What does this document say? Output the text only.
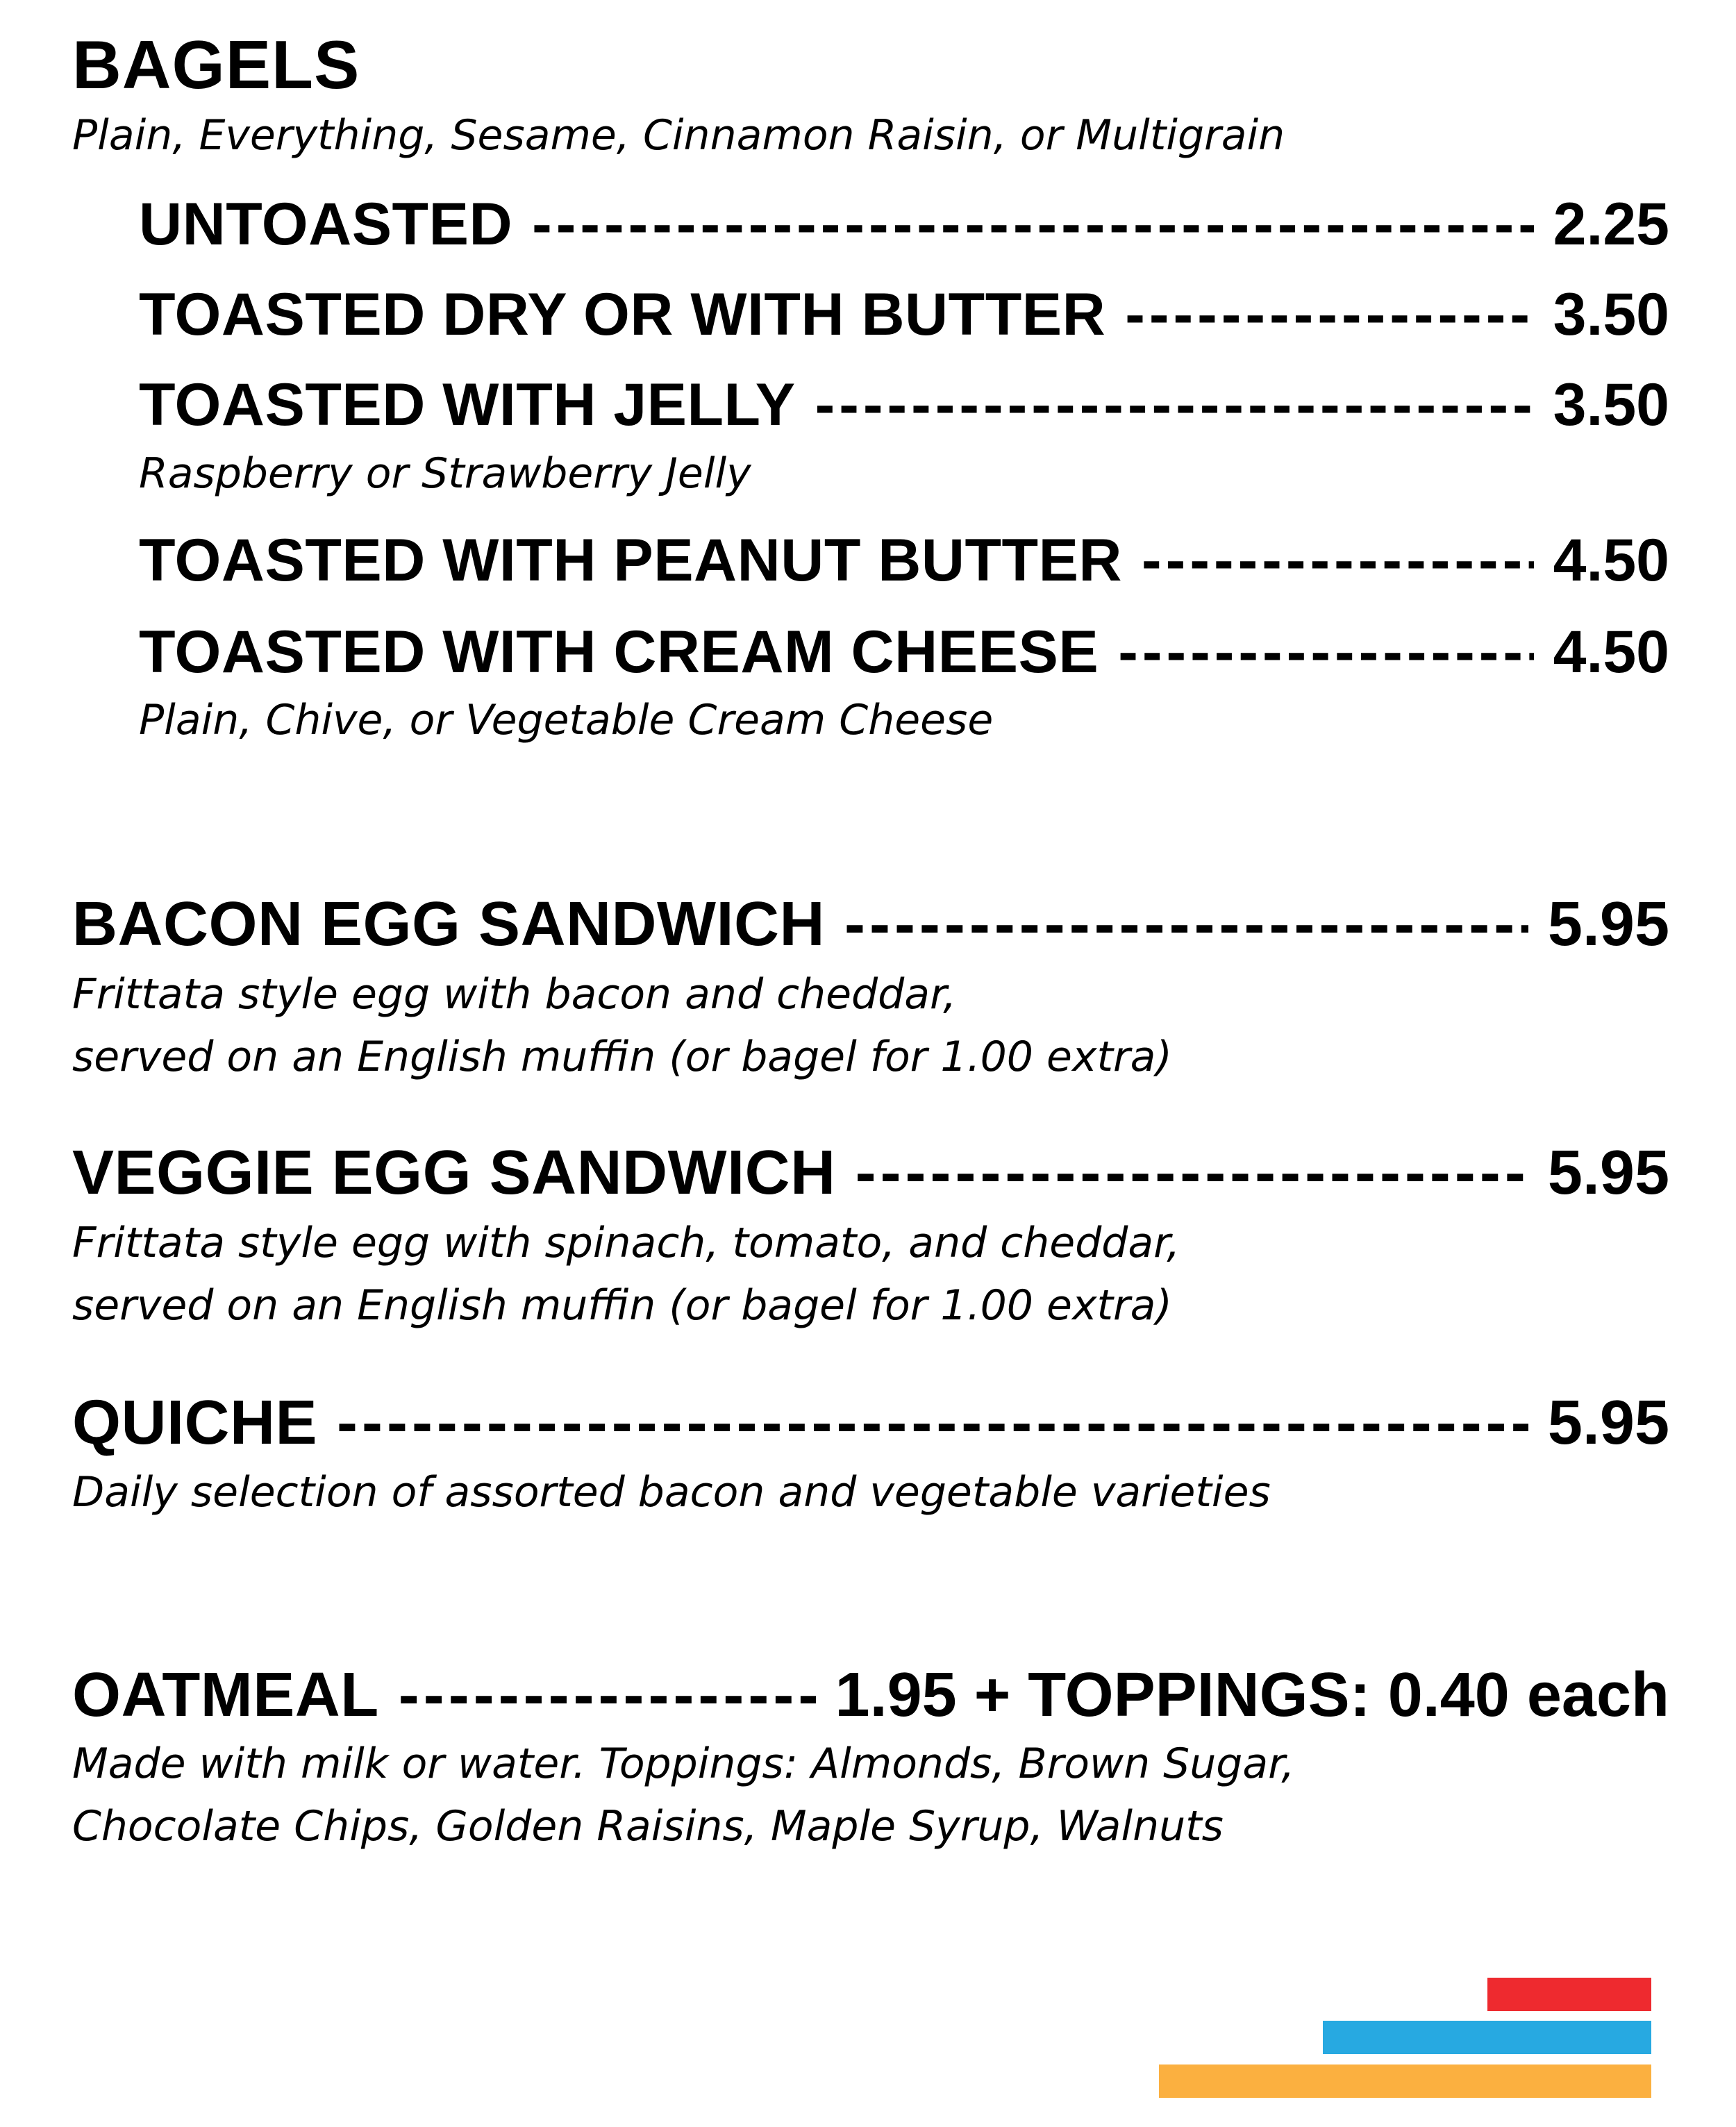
BAGELS

Plain, Everything, Sesame, Cinnamon Raisin, or Multigrain

UNTOASTED -----	2.25
TOASTED DRY OR WITH BUTTER -----	3.50
TOASTED WITH JELLY -----	3.50

Raspberry or Strawberry Jelly

TOASTED WITH PEANUT BUTTER -----	4.50
TOASTED WITH CREAM CHEESE -----	4.50

Plain, Chive, or Vegetable Cream Cheese

BACON EGG SANDWICH -----	5.95

Frittata style egg with bacon and cheddar,

served on an English muffin (or bagel for 1.00 extra)

VEGGIE EGG SANDWICH -----	5.95

Frittata style egg with spinach, tomato, and cheddar,

served on an English muffin (or bagel for 1.00 extra)

QUICHE -----	5.95

Daily selection of assorted bacon and vegetable varieties

OATMEAL -----	1.95 + TOPPINGS: 0.40 each

Made with milk or water. Toppings: Almonds, Brown Sugar,

Chocolate Chips, Golden Raisins, Maple Syrup, Walnuts
